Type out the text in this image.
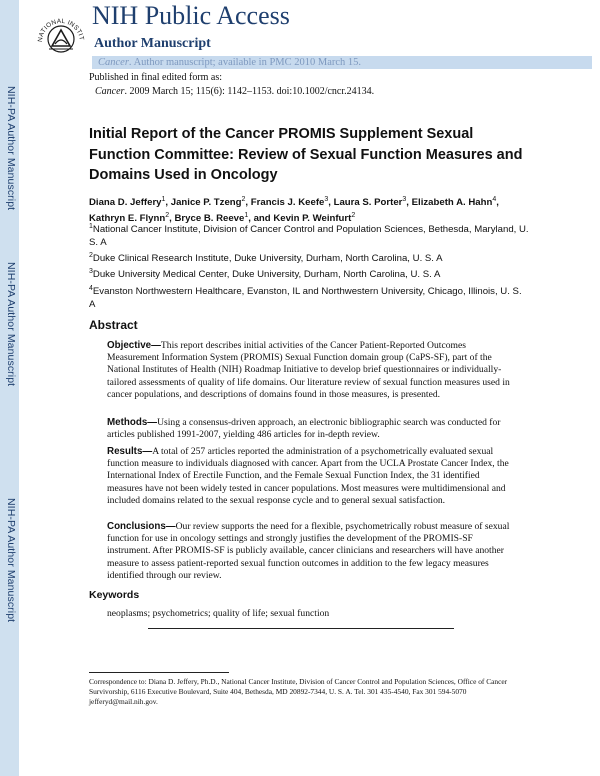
NIH-PA Author Manuscript
NIH-PA Author Manuscript
NIH-PA Author Manuscript
NATIONAL INSTIT
NIH Public Access
Author Manuscript
Cancer. Author manuscript; available in PMC 2010 March 15.
Published in final edited form as:
Cancer. 2009 March 15; 115(6): 1142–1153. doi:10.1002/cncr.24134.
Initial Report of the Cancer PROMIS Supplement Sexual Function Committee: Review of Sexual Function Measures and Domains Used in Oncology
Diana D. Jeffery$^1$, Janice P. Tzeng$^2$, Francis J. Keefe$^3$, Laura S. Porter$^3$, Elizabeth A. Hahn$^4$, Kathryn E. Flynn$^2$, Bryce B. Reeve$^1$, and Kevin P. Weinfurt$^2$
$^1$National Cancer Institute, Division of Cancer Control and Population Sciences, Bethesda, Maryland, U. S. A
$^2$Duke Clinical Research Institute, Duke University, Durham, North Carolina, U. S. A
$^3$Duke University Medical Center, Duke University, Durham, North Carolina, U. S. A
$^4$Evanston Northwestern Healthcare, Evanston, IL and Northwestern University, Chicago, Illinois, U. S. A
Abstract
Objective—This report describes initial activities of the Cancer Patient-Reported Outcomes Measurement Information System (PROMIS) Sexual Function domain group (CaPS-SF), part of the National Institutes of Health (NIH) Roadmap Initiative to develop brief questionnaires or individually-tailored assessments of quality of life domains. Our literature review of sexual function measures used in cancer populations, and descriptions of domains found in those measures, is presented.
Methods—Using a consensus-driven approach, an electronic bibliographic search was conducted for articles published 1991-2007, yielding 486 articles for in-depth review.
Results—A total of 257 articles reported the administration of a psychometrically evaluated sexual function measure to individuals diagnosed with cancer. Apart from the UCLA Prostate Cancer Index, the International Index of Erectile Function, and the Female Sexual Function Index, the 31 identified measures have not been widely tested in cancer populations. Most measures were multidimensional and included domains related to the sexual response cycle and to general sexual satisfaction.
Conclusions—Our review supports the need for a flexible, psychometrically robust measure of sexual function for use in oncology settings and strongly justifies the development of the PROMIS-SF instrument. After PROMIS-SF is publicly available, cancer clinicians and researchers will have another measure to assess patient-reported sexual function outcomes in addition to the few legacy measures identified through our review.
Keywords
neoplasms; psychometrics; quality of life; sexual function
Correspondence to: Diana D. Jeffery, Ph.D., National Cancer Institute, Division of Cancer Control and Population Sciences, Office of Cancer Survivorship, 6116 Executive Boulevard, Suite 404, Bethesda, MD 20892-7344, U. S. A. Tel. 301 435-4540, Fax 301 594-5070 jefferyd@mail.nih.gov.
